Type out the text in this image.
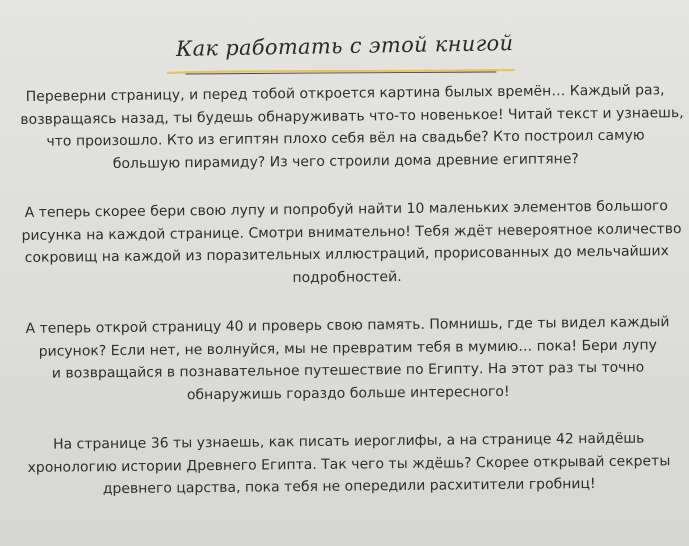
Как работать с этой книгой

Переверни страницу, и перед тобой откроется картина былых времён… Каждый раз,
возвращаясь назад, ты будешь обнаруживать что-то новенькое! Читай текст и узнаешь,
что произошло. Кто из египтян плохо себя вёл на свадьбе? Кто построил самую
большую пирамиду? Из чего строили дома древние египтяне?

А теперь скорее бери свою лупу и попробуй найти 10 маленьких элементов большого
рисунка на каждой странице. Смотри внимательно! Тебя ждёт невероятное количество
сокровищ на каждой из поразительных иллюстраций, прорисованных до мельчайших
подробностей.

А теперь открой страницу 40 и проверь свою память. Помнишь, где ты видел каждый
рисунок? Если нет, не волнуйся, мы не превратим тебя в мумию… пока! Бери лупу
и возвращайся в познавательное путешествие по Египту. На этот раз ты точно
обнаружишь гораздо больше интересного!

На странице 36 ты узнаешь, как писать иероглифы, а на странице 42 найдёшь
хронологию истории Древнего Египта. Так чего ты ждёшь? Скорее открывай секреты
древнего царства, пока тебя не опередили расхитители гробниц!
